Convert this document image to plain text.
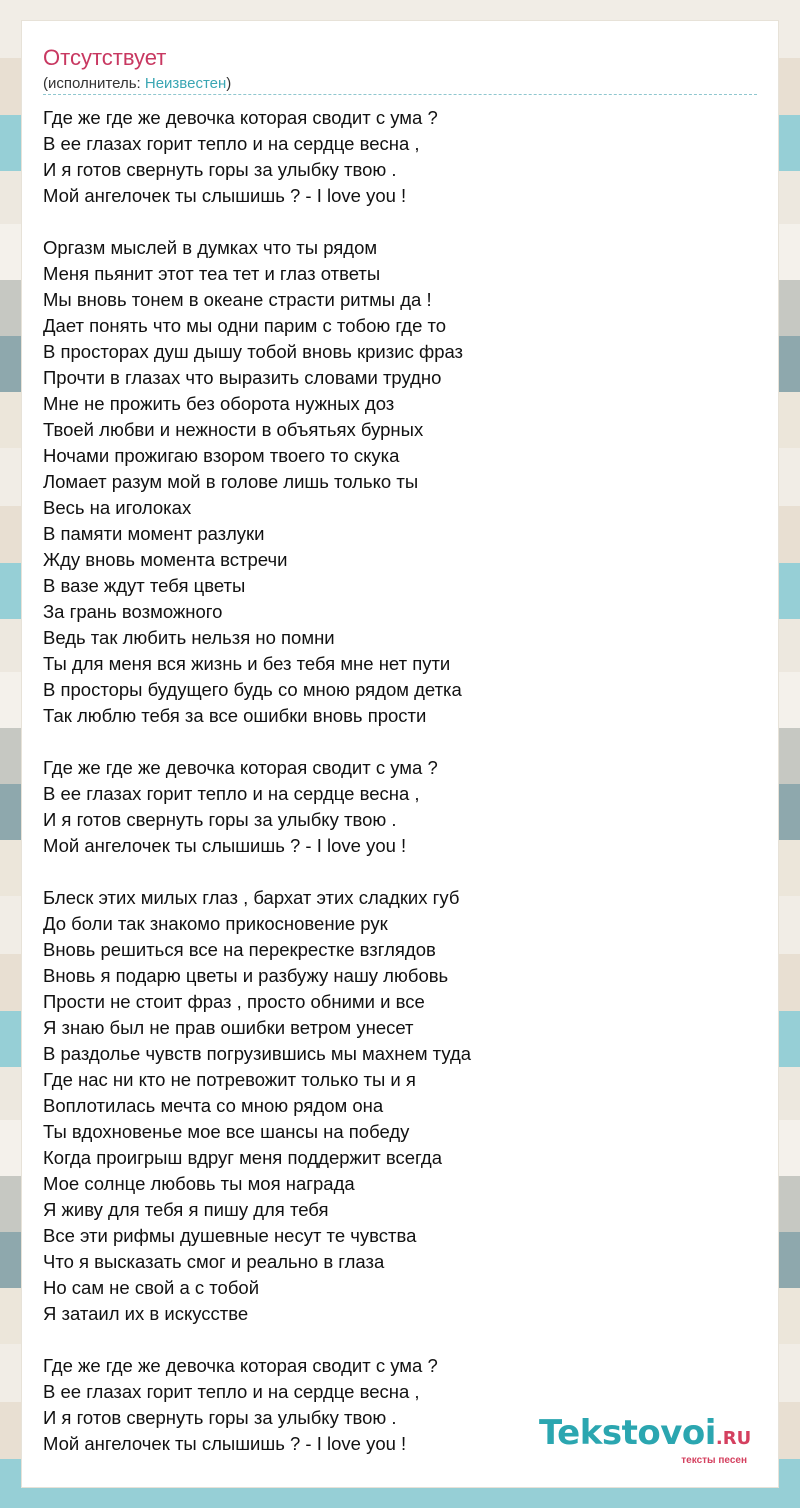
Отсутствует
(исполнитель: Неизвестен)
Где же где же девочка которая сводит с ума ?
В ее глазах горит тепло и на сердце весна ,
И я готов свернуть горы за улыбку твою .
Мой ангелочек ты слышишь ? - I love you !
Оргазм мыслей в думках что ты рядом
Меня пьянит этот теа тет и глаз ответы
Мы вновь тонем в океане страсти ритмы да !
Дает понять что мы одни парим с тобою где то
В просторах душ дышу тобой вновь кризис фраз
Прочти в глазах что выразить словами трудно
Мне не прожить без оборота нужных доз
Твоей любви и нежности в объятьях бурных
Ночами прожигаю взором твоего то скука
Ломает разум мой в голове лишь только ты
Весь на иголоках
В памяти момент разлуки
Жду вновь момента встречи
В вазе ждут тебя цветы
За грань возможного
Ведь так любить нельзя но помни
Ты для меня вся жизнь и без тебя мне нет пути
В просторы будущего будь со мною рядом детка
Так люблю тебя за все ошибки вновь прости
Где же где же девочка которая сводит с ума ?
В ее глазах горит тепло и на сердце весна ,
И я готов свернуть горы за улыбку твою .
Мой ангелочек ты слышишь ? - I love you !
Блеск этих милых глаз , бархат этих сладких губ
До боли так знакомо прикосновение рук
Вновь решиться все на перекрестке взглядов
Вновь я подарю цветы и разбужу нашу любовь
Прости не стоит фраз , просто обними и все
Я знаю был не прав ошибки ветром унесет
В раздолье чувств погрузившись мы махнем туда
Где нас ни кто не потревожит только ты и я
Воплотилась мечта со мною рядом она
Ты вдохновенье мое все шансы на победу
Когда проигрыш вдруг меня поддержит всегда
Мое солнце любовь ты моя награда
Я живу для тебя я пишу для тебя
Все эти рифмы душевные несут те чувства
Что я высказать смог и реально в глаза
Но сам не свой а с тобой
Я затаил их в искусстве
Где же где же девочка которая сводит с ума ?
В ее глазах горит тепло и на сердце весна ,
И я готов свернуть горы за улыбку твою .
Мой ангелочек ты слышишь ? - I love you !	Tekstovoi.RU
тексты песен
